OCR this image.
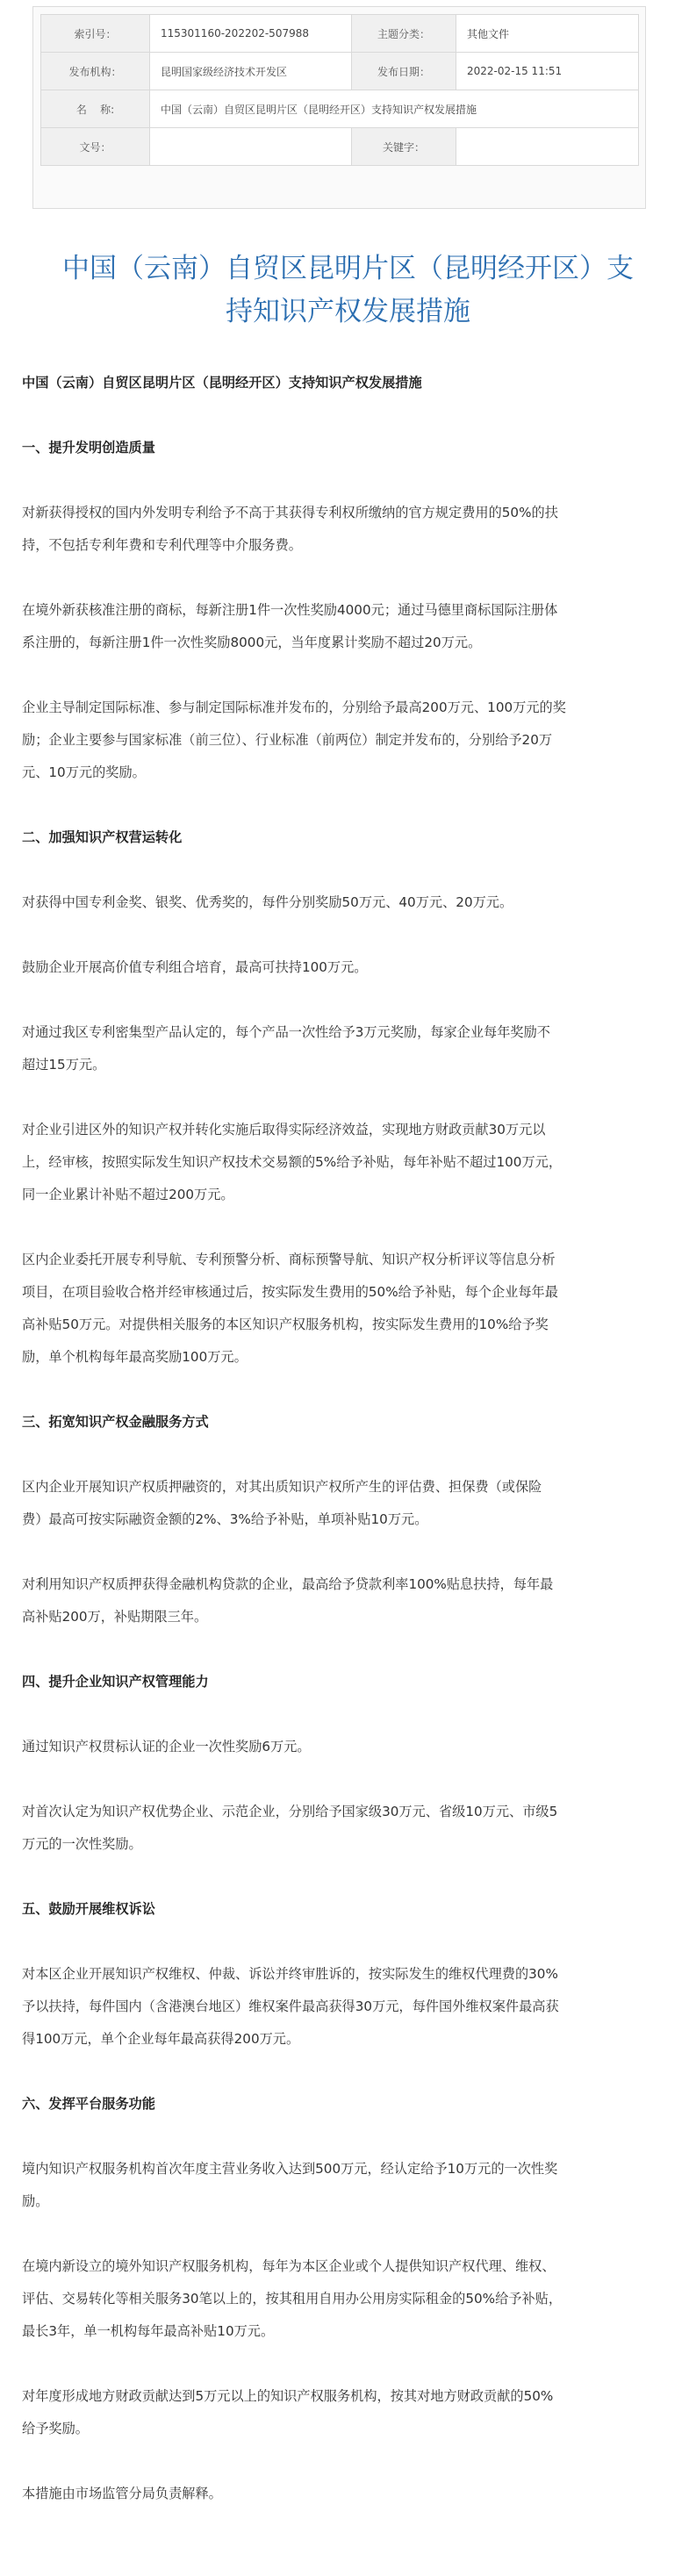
索引号：	115301160-202202-507988	主题分类：	其他文件
发布机构：	昆明国家级经济技术开发区	发布日期：	2022-02-15 11:51
名    称:	中国（云南）自贸区昆明片区（昆明经开区）支持知识产权发展措施		
文号：		关键字：	
中国（云南）自贸区昆明片区（昆明经开区）支
持知识产权发展措施

中国（云南）自贸区昆明片区（昆明经开区）支持知识产权发展措施

一、提升发明创造质量

对新获得授权的国内外发明专利给予不高于其获得专利权所缴纳的官方规定费用的50%的扶

持，不包括专利年费和专利代理等中介服务费。

在境外新获核准注册的商标，每新注册1件一次性奖励4000元；通过马德里商标国际注册体

系注册的，每新注册1件一次性奖励8000元，当年度累计奖励不超过20万元。

企业主导制定国际标准、参与制定国际标准并发布的，分别给予最高200万元、100万元的奖

励；企业主要参与国家标准（前三位）、行业标准（前两位）制定并发布的，分别给予20万

元、10万元的奖励。

二、加强知识产权营运转化

对获得中国专利金奖、银奖、优秀奖的，每件分别奖励50万元、40万元、20万元。

鼓励企业开展高价值专利组合培育，最高可扶持100万元。

对通过我区专利密集型产品认定的，每个产品一次性给予3万元奖励，每家企业每年奖励不

超过15万元。

对企业引进区外的知识产权并转化实施后取得实际经济效益，实现地方财政贡献30万元以

上，经审核，按照实际发生知识产权技术交易额的5%给予补贴，每年补贴不超过100万元，

同一企业累计补贴不超过200万元。

区内企业委托开展专利导航、专利预警分析、商标预警导航、知识产权分析评议等信息分析

项目，在项目验收合格并经审核通过后，按实际发生费用的50%给予补贴，每个企业每年最

高补贴50万元。对提供相关服务的本区知识产权服务机构，按实际发生费用的10%给予奖

励，单个机构每年最高奖励100万元。

三、拓宽知识产权金融服务方式

区内企业开展知识产权质押融资的，对其出质知识产权所产生的评估费、担保费（或保险

费）最高可按实际融资金额的2%、3%给予补贴，单项补贴10万元。

对利用知识产权质押获得金融机构贷款的企业，最高给予贷款利率100%贴息扶持，每年最

高补贴200万，补贴期限三年。

四、提升企业知识产权管理能力

通过知识产权贯标认证的企业一次性奖励6万元。

对首次认定为知识产权优势企业、示范企业，分别给予国家级30万元、省级10万元、市级5

万元的一次性奖励。

五、鼓励开展维权诉讼

对本区企业开展知识产权维权、仲裁、诉讼并终审胜诉的，按实际发生的维权代理费的30%

予以扶持，每件国内（含港澳台地区）维权案件最高获得30万元，每件国外维权案件最高获

得100万元，单个企业每年最高获得200万元。

六、发挥平台服务功能

境内知识产权服务机构首次年度主营业务收入达到500万元，经认定给予10万元的一次性奖

励。

在境内新设立的境外知识产权服务机构，每年为本区企业或个人提供知识产权代理、维权、

评估、交易转化等相关服务30笔以上的，按其租用自用办公用房实际租金的50%给予补贴，

最长3年，单一机构每年最高补贴10万元。

对年度形成地方财政贡献达到5万元以上的知识产权服务机构，按其对地方财政贡献的50%

给予奖励。

本措施由市场监管分局负责解释。
